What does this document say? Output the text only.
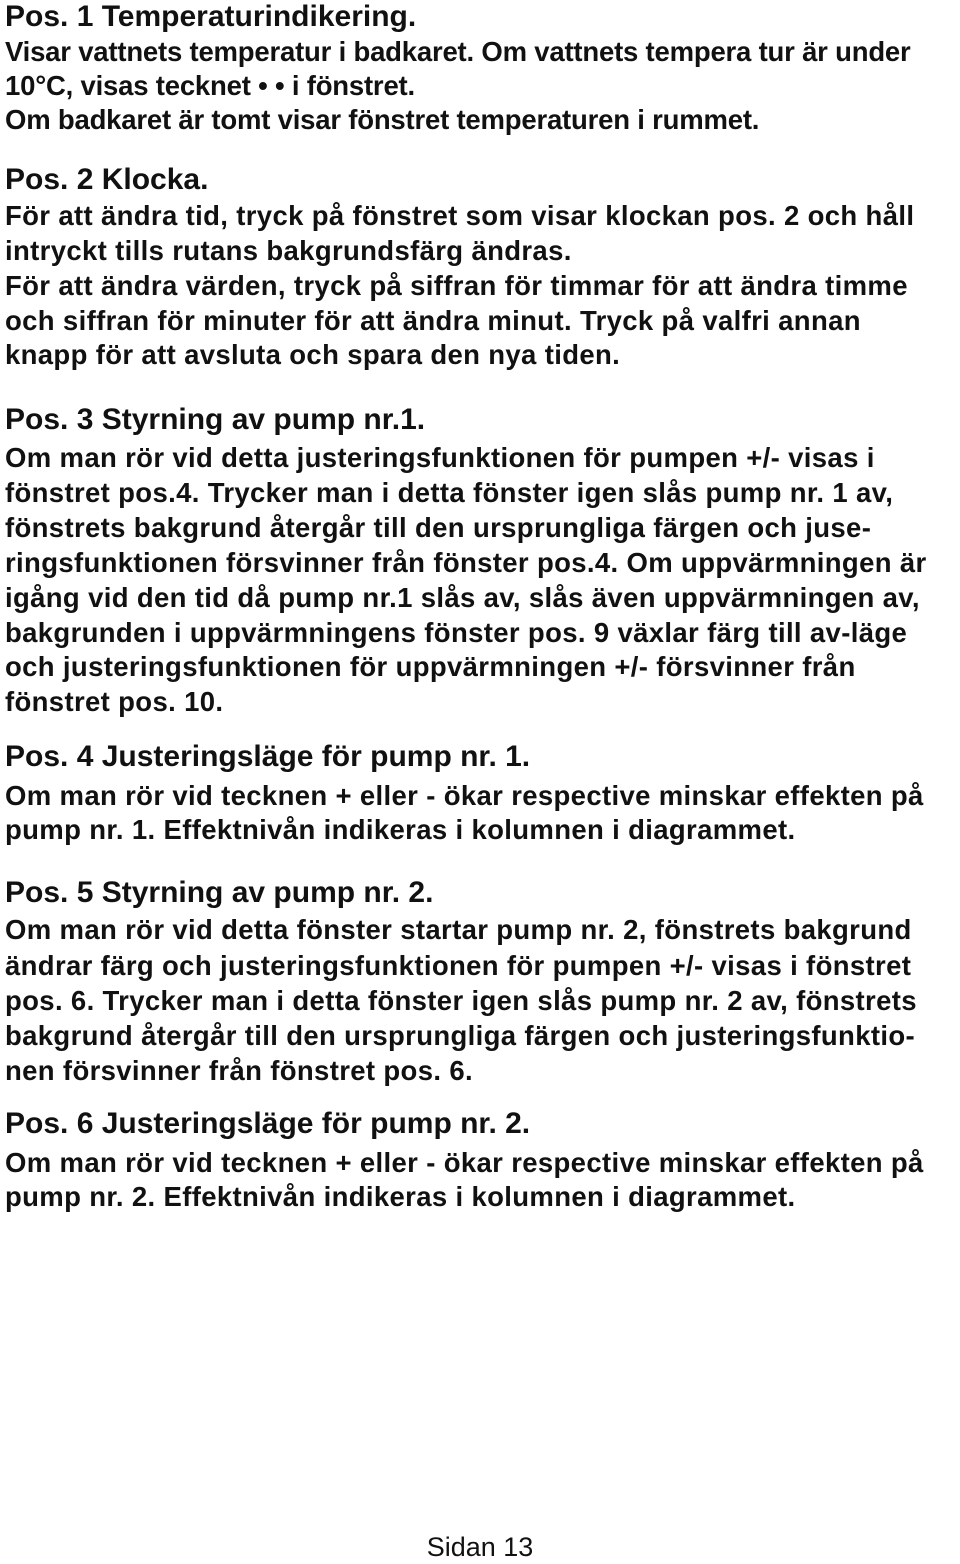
Pos. 1 Temperaturindikering.
Visar vattnets temperatur i badkaret. Om vattnets tempera tur är under
10°C, visas tecknet • • i fönstret.
Om badkaret är tomt visar fönstret temperaturen i rummet.
Pos. 2 Klocka.
För att ändra tid, tryck på fönstret som visar klockan pos. 2 och håll
intryckt tills rutans bakgrundsfärg ändras.
För att ändra värden, tryck på siffran för timmar för att ändra timme
och siffran för minuter för att ändra minut. Tryck på valfri annan
knapp för att avsluta och spara den nya tiden.
Pos. 3 Styrning av pump nr.1.
Om man rör vid detta justeringsfunktionen för pumpen +/- visas i
fönstret pos.4. Trycker man i detta fönster igen slås pump nr. 1 av,
fönstrets bakgrund återgår till den ursprungliga färgen och juse-
ringsfunktionen försvinner från fönster pos.4. Om uppvärmningen är
igång vid den tid då pump nr.1 slås av, slås även uppvärmningen av,
bakgrunden i uppvärmningens fönster pos. 9 växlar färg till av-läge
och justeringsfunktionen för uppvärmningen +/- försvinner från
fönstret pos. 10.
Pos. 4 Justeringsläge för pump nr. 1.
Om man rör vid tecknen + eller - ökar respective minskar effekten på
pump nr. 1. Effektnivån indikeras i kolumnen i diagrammet.
Pos. 5 Styrning av pump nr. 2.
Om man rör vid detta fönster startar pump nr. 2, fönstrets bakgrund
ändrar färg och justeringsfunktionen för pumpen +/- visas i fönstret
pos. 6. Trycker man i detta fönster igen slås pump nr. 2 av, fönstrets
bakgrund återgår till den ursprungliga färgen och justeringsfunktio-
nen försvinner från fönstret pos. 6.
Pos. 6 Justeringsläge för pump nr. 2.
Om man rör vid tecknen + eller - ökar respective minskar effekten på
pump nr. 2. Effektnivån indikeras i kolumnen i diagrammet.
Sidan 13
